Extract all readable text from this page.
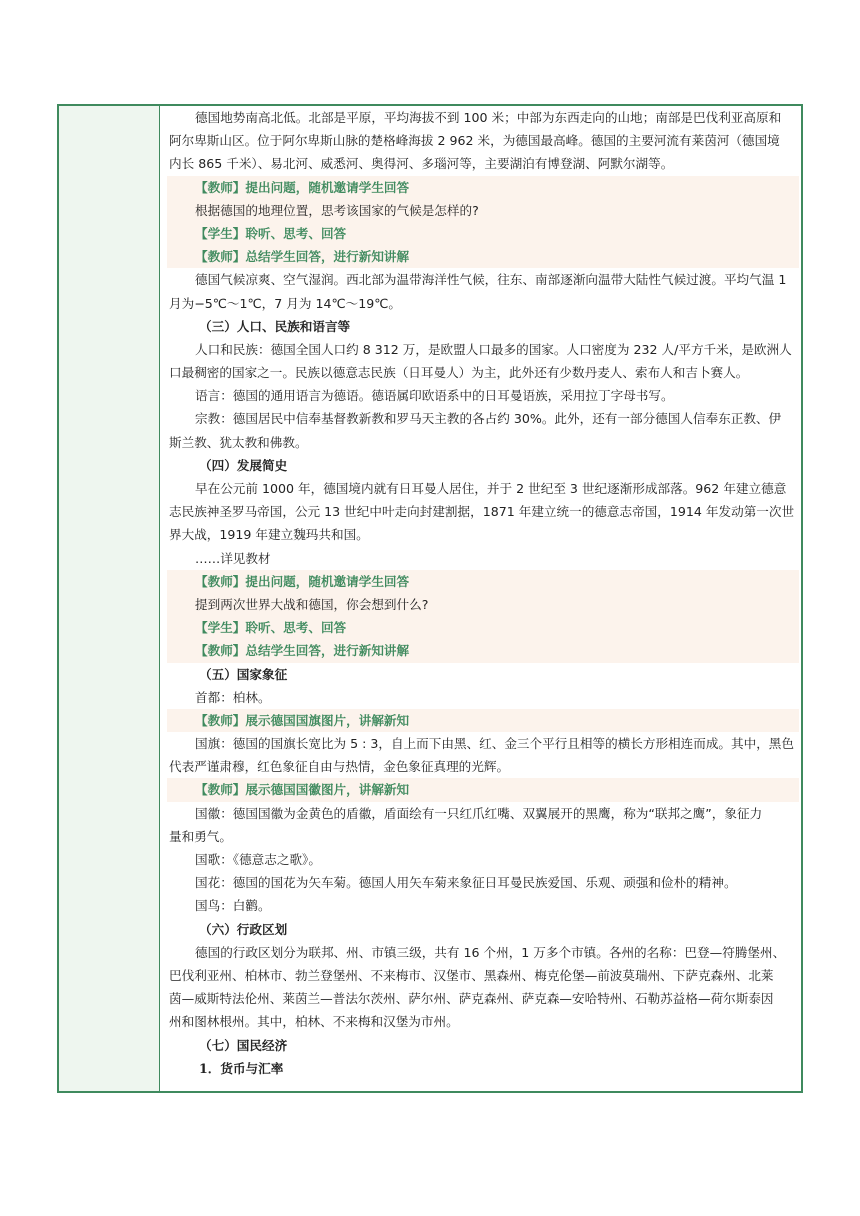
德国地势南高北低。北部是平原，平均海拔不到 100 米；中部为东西走向的山地；南部是巴伐利亚高原和
阿尔卑斯山区。位于阿尔卑斯山脉的楚格峰海拔 2 962 米，为德国最高峰。德国的主要河流有莱茵河（德国境
内长 865 千米）、易北河、威悉河、奥得河、多瑙河等，主要湖泊有博登湖、阿默尔湖等。
【教师】提出问题，随机邀请学生回答
根据德国的地理位置，思考该国家的气候是怎样的?
【学生】聆听、思考、回答
【教师】总结学生回答，进行新知讲解
德国气候凉爽、空气湿润。西北部为温带海洋性气候，往东、南部逐渐向温带大陆性气候过渡。平均气温 1
月为−5℃～1℃，7 月为 14℃～19℃。
（三）人口、民族和语言等
人口和民族：德国全国人口约 8 312 万，是欧盟人口最多的国家。人口密度为 232 人/平方千米，是欧洲人
口最稠密的国家之一。民族以德意志民族（日耳曼人）为主，此外还有少数丹麦人、索布人和吉卜赛人。
语言：德国的通用语言为德语。德语属印欧语系中的日耳曼语族，采用拉丁字母书写。
宗教：德国居民中信奉基督教新教和罗马天主教的各占约 30%。此外，还有一部分德国人信奉东正教、伊
斯兰教、犹太教和佛教。
（四）发展简史
早在公元前 1000 年，德国境内就有日耳曼人居住，并于 2 世纪至 3 世纪逐渐形成部落。962 年建立德意
志民族神圣罗马帝国，公元 13 世纪中叶走向封建割据，1871 年建立统一的德意志帝国，1914 年发动第一次世
界大战，1919 年建立魏玛共和国。
……详见教材
【教师】提出问题，随机邀请学生回答
提到两次世界大战和德国，你会想到什么?
【学生】聆听、思考、回答
【教师】总结学生回答，进行新知讲解
（五）国家象征
首都：柏林。
【教师】展示德国国旗图片，讲解新知
国旗：德国的国旗长宽比为 5 : 3，自上而下由黑、红、金三个平行且相等的横长方形相连而成。其中，黑色
代表严谨肃穆，红色象征自由与热情，金色象征真理的光辉。
【教师】展示德国国徽图片，讲解新知
国徽：德国国徽为金黄色的盾徽，盾面绘有一只红爪红嘴、双翼展开的黑鹰，称为“联邦之鹰”，象征力
量和勇气。
国歌：《德意志之歌》。
国花：德国的国花为矢车菊。德国人用矢车菊来象征日耳曼民族爱国、乐观、顽强和俭朴的精神。
国鸟：白鹳。
（六）行政区划
德国的行政区划分为联邦、州、市镇三级，共有 16 个州，1 万多个市镇。各州的名称：巴登—符腾堡州、
巴伐利亚州、柏林市、勃兰登堡州、不来梅市、汉堡市、黑森州、梅克伦堡—前波莫瑞州、下萨克森州、北莱
茵—威斯特法伦州、莱茵兰—普法尔茨州、萨尔州、萨克森州、萨克森—安哈特州、石勒苏益格—荷尔斯泰因
州和图林根州。其中，柏林、不来梅和汉堡为市州。
（七）国民经济
1．货币与汇率
